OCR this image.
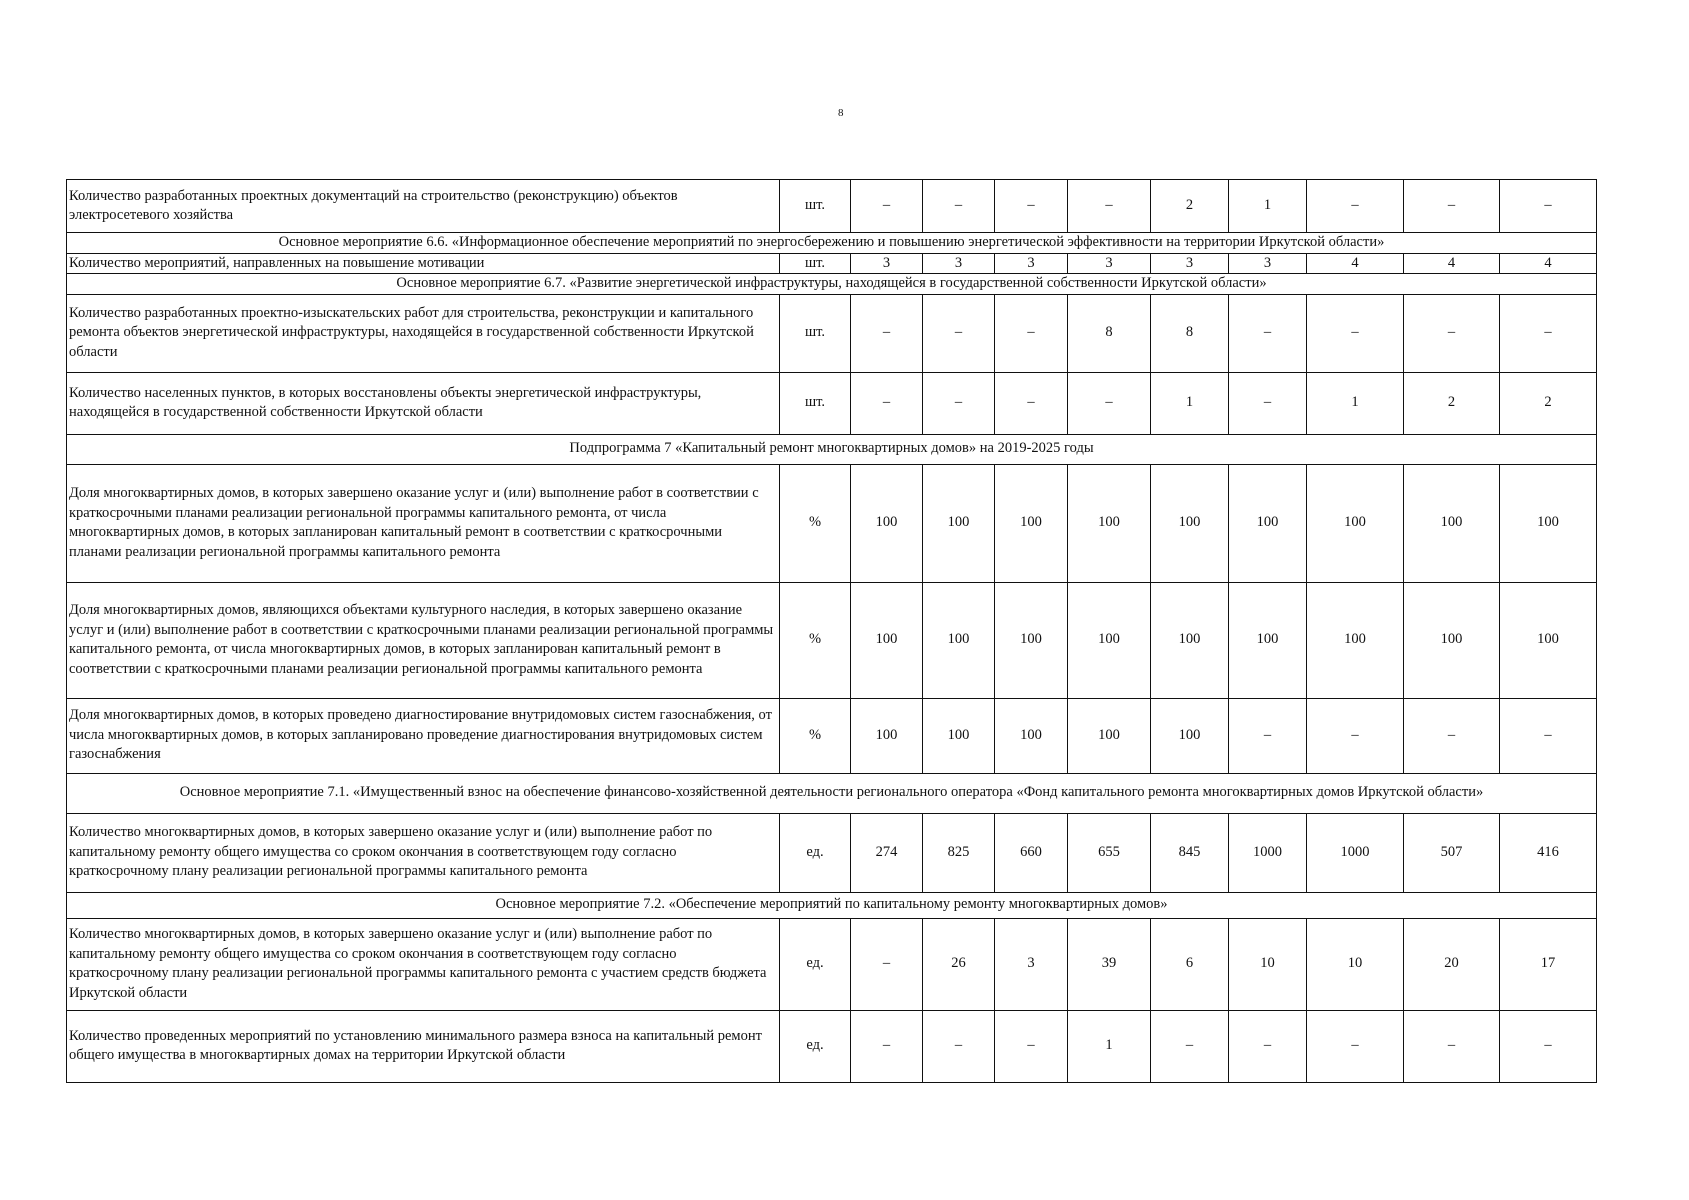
8
Количество разработанных проектных документаций на строительство (реконструкцию) объектов электросетевого хозяйства	шт.	–	–	–	–	2	1	–	–	–
Основное мероприятие 6.6. «Информационное обеспечение мероприятий по энергосбережению и повышению энергетической эффективности на территории Иркутской области»										
Количество мероприятий, направленных на повышение мотивации	шт.	3	3	3	3	3	3	4	4	4
Основное мероприятие 6.7. «Развитие энергетической инфраструктуры, находящейся в государственной собственности Иркутской области»										
Количество разработанных проектно-изыскательских работ для строительства, реконструкции и капитального ремонта объектов энергетической инфраструктуры, находящейся в государственной собственности Иркутской области	шт.	–	–	–	8	8	–	–	–	–
Количество населенных пунктов, в которых восстановлены объекты энергетической инфраструктуры, находящейся в государственной собственности Иркутской области	шт.	–	–	–	–	1	–	1	2	2
Подпрограмма 7 «Капитальный ремонт многоквартирных домов» на 2019-2025 годы										
Доля многоквартирных домов, в которых завершено оказание услуг и (или) выполнение работ в соответствии с краткосрочными планами реализации региональной программы капитального ремонта, от числа многоквартирных домов, в которых запланирован капитальный ремонт в соответствии с краткосрочными планами реализации региональной программы капитального ремонта	%	100	100	100	100	100	100	100	100	100
Доля многоквартирных домов, являющихся объектами культурного наследия, в которых завершено оказание услуг и (или) выполнение работ в соответствии с краткосрочными планами реализации региональной программы капитального ремонта, от числа многоквартирных домов, в которых запланирован капитальный ремонт в соответствии с краткосрочными планами реализации региональной программы капитального ремонта	%	100	100	100	100	100	100	100	100	100
Доля многоквартирных домов, в которых проведено диагностирование внутридомовых систем газоснабжения, от числа многоквартирных домов, в которых запланировано проведение диагностирования внутридомовых систем газоснабжения	%	100	100	100	100	100	–	–	–	–
Основное мероприятие 7.1. «Имущественный взнос на обеспечение финансово-хозяйственной деятельности регионального оператора «Фонд капитального ремонта многоквартирных домов Иркутской области»										
Количество многоквартирных домов, в которых завершено оказание услуг и (или) выполнение работ по капитальному ремонту общего имущества со сроком окончания в соответствующем году согласно краткосрочному плану реализации региональной программы капитального ремонта	ед.	274	825	660	655	845	1000	1000	507	416
Основное мероприятие 7.2. «Обеспечение мероприятий по капитальному ремонту многоквартирных домов»										
Количество многоквартирных домов, в которых завершено оказание услуг и (или) выполнение работ по капитальному ремонту общего имущества со сроком окончания в соответствующем году согласно краткосрочному плану реализации региональной программы капитального ремонта с участием средств бюджета Иркутской области	ед.	–	26	3	39	6	10	10	20	17
Количество проведенных мероприятий по установлению минимального размера взноса на капитальный ремонт общего имущества в многоквартирных домах на территории Иркутской области	ед.	–	–	–	1	–	–	–	–	–
